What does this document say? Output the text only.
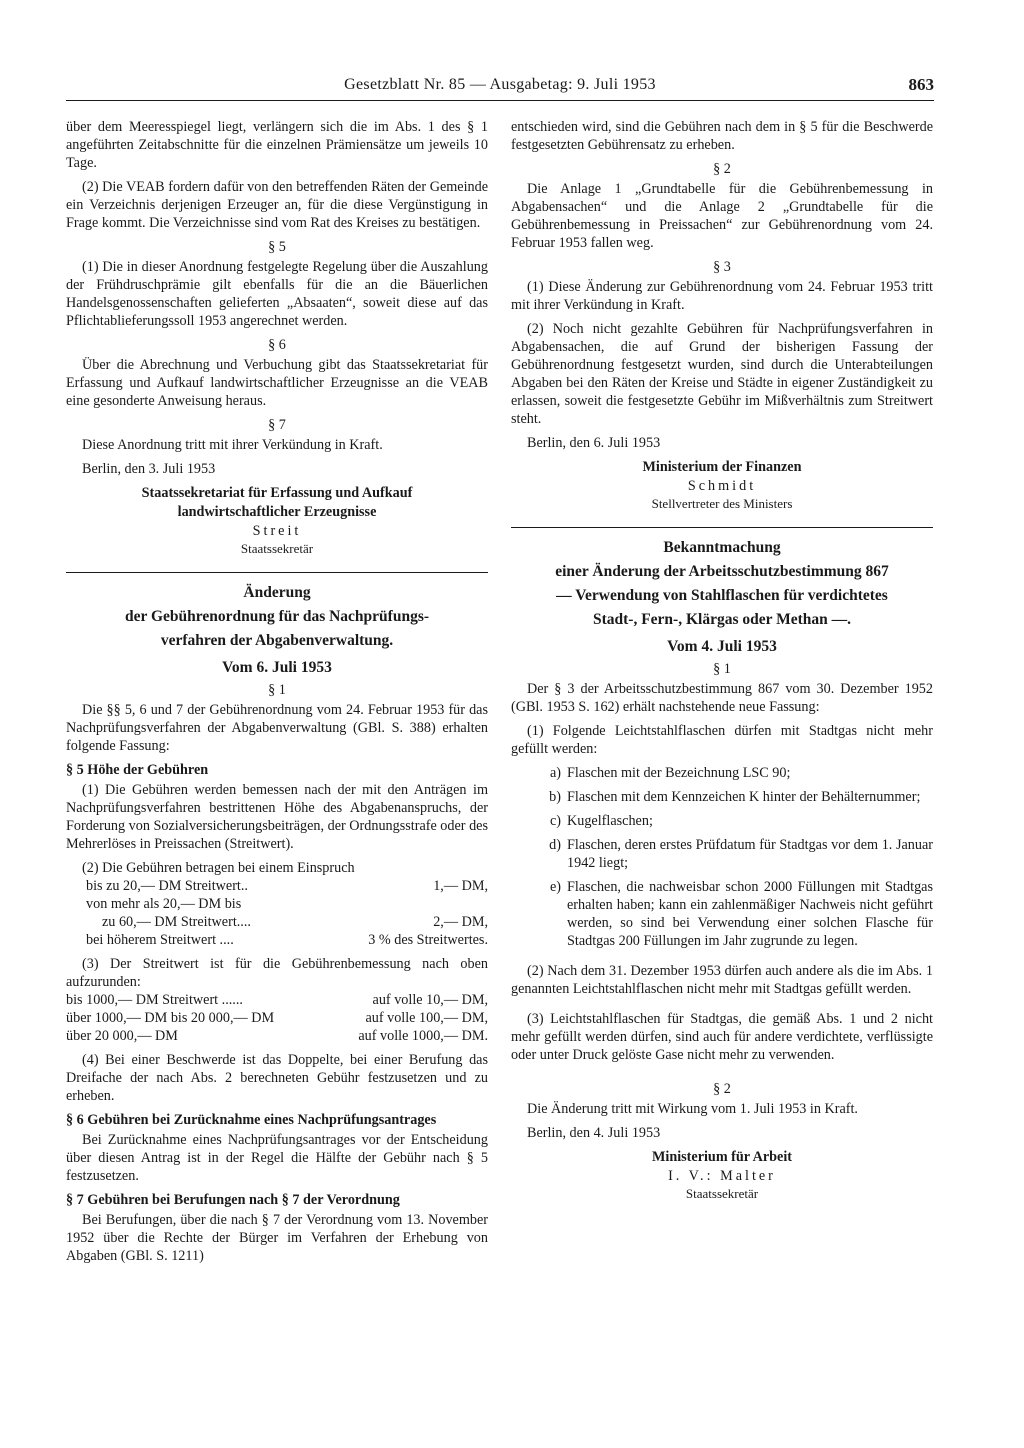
Gesetzblatt Nr. 85 — Ausgabetag: 9. Juli 1953	863

über dem Meeresspiegel liegt, verlängern sich die im Abs. 1 des § 1 angeführten Zeitabschnitte für die einzelnen Prämiensätze um jeweils 10 Tage.

(2) Die VEAB fordern dafür von den betreffenden Räten der Gemeinde ein Verzeichnis derjenigen Erzeuger an, für die diese Vergünstigung in Frage kommt. Die Verzeichnisse sind vom Rat des Kreises zu bestätigen.

§ 5

(1) Die in dieser Anordnung festgelegte Regelung über die Auszahlung der Frühdruschprämie gilt ebenfalls für die an die Bäuerlichen Handelsgenossenschaften gelieferten „Absaaten“, soweit diese auf das Pflichtablieferungssoll 1953 angerechnet werden.

§ 6

Über die Abrechnung und Verbuchung gibt das Staatssekretariat für Erfassung und Aufkauf landwirtschaftlicher Erzeugnisse an die VEAB eine gesonderte Anweisung heraus.

§ 7

Diese Anordnung tritt mit ihrer Verkündung in Kraft.

Berlin, den 3. Juli 1953

Staatssekretariat für Erfassung und Aufkauf
landwirtschaftlicher Erzeugnisse
Streit
Staatssekretär
Änderung
der Gebührenordnung für das Nachprüfungs-
verfahren der Abgabenverwaltung.
Vom 6. Juli 1953
§ 1

Die §§ 5, 6 und 7 der Gebührenordnung vom 24. Februar 1953 für das Nachprüfungsverfahren der Abgabenverwaltung (GBl. S. 388) erhalten folgende Fassung:

§ 5 Höhe der Gebühren

(1) Die Gebühren werden bemessen nach der mit den Anträgen im Nachprüfungsverfahren bestrittenen Höhe des Abgabenanspruchs, der Forderung von Sozialversicherungsbeiträgen, der Ordnungsstrafe oder des Mehrerlöses in Preissachen (Streitwert).

(2) Die Gebühren betragen bei einem Einspruch
bis zu 20,— DM Streitwert..	1,— DM,
von mehr als 20,— DM bis
zu 60,— DM Streitwert....	2,— DM,
bei höherem Streitwert ....	3 % des Streitwertes.

(3) Der Streitwert ist für die Gebührenbemessung nach oben aufzurunden:

bis 1000,— DM Streitwert ......	auf volle 10,— DM,
über 1000,— DM bis 20 000,— DM	auf volle 100,— DM,
über 20 000,— DM	auf volle 1000,— DM.

(4) Bei einer Beschwerde ist das Doppelte, bei einer Berufung das Dreifache der nach Abs. 2 berechneten Gebühr festzusetzen und zu erheben.

§ 6 Gebühren bei Zurücknahme eines Nachprüfungsantrages

Bei Zurücknahme eines Nachprüfungsantrages vor der Entscheidung über diesen Antrag ist in der Regel die Hälfte der Gebühr nach § 5 festzusetzen.

§ 7 Gebühren bei Berufungen nach § 7 der Verordnung

Bei Berufungen, über die nach § 7 der Verordnung vom 13. November 1952 über die Rechte der Bürger im Verfahren der Erhebung von Abgaben (GBl. S. 1211)

entschieden wird, sind die Gebühren nach dem in § 5 für die Beschwerde festgesetzten Gebührensatz zu erheben.

§ 2

Die Anlage 1 „Grundtabelle für die Gebührenbemessung in Abgabensachen“ und die Anlage 2 „Grundtabelle für die Gebührenbemessung in Preissachen“ zur Gebührenordnung vom 24. Februar 1953 fallen weg.

§ 3

(1) Diese Änderung zur Gebührenordnung vom 24. Februar 1953 tritt mit ihrer Verkündung in Kraft.

(2) Noch nicht gezahlte Gebühren für Nachprüfungsverfahren in Abgabensachen, die auf Grund der bisherigen Fassung der Gebührenordnung festgesetzt wurden, sind durch die Unterabteilungen Abgaben bei den Räten der Kreise und Städte in eigener Zuständigkeit zu erlassen, soweit die festgesetzte Gebühr im Mißverhältnis zum Streitwert steht.

Berlin, den 6. Juli 1953

Ministerium der Finanzen
Schmidt
Stellvertreter des Ministers
Bekanntmachung
einer Änderung der Arbeitsschutzbestimmung 867
— Verwendung von Stahlflaschen für verdichtetes
Stadt-, Fern-, Klärgas oder Methan —.
Vom 4. Juli 1953
§ 1

Der § 3 der Arbeitsschutzbestimmung 867 vom 30. Dezember 1952 (GBl. 1953 S. 162) erhält nachstehende neue Fassung:

(1) Folgende Leichtstahlflaschen dürfen mit Stadtgas nicht mehr gefüllt werden:

a) Flaschen mit der Bezeichnung LSC 90;
b) Flaschen mit dem Kennzeichen K hinter der Behälternummer;
c) Kugelflaschen;
d) Flaschen, deren erstes Prüfdatum für Stadtgas vor dem 1. Januar 1942 liegt;
e) Flaschen, die nachweisbar schon 2000 Füllungen mit Stadtgas erhalten haben; kann ein zahlenmäßiger Nachweis nicht geführt werden, so sind bei Verwendung einer solchen Flasche für Stadtgas 200 Füllungen im Jahr zugrunde zu legen.

(2) Nach dem 31. Dezember 1953 dürfen auch andere als die im Abs. 1 genannten Leichtstahlflaschen nicht mehr mit Stadtgas gefüllt werden.

(3) Leichtstahlflaschen für Stadtgas, die gemäß Abs. 1 und 2 nicht mehr gefüllt werden dürfen, sind auch für andere verdichtete, verflüssigte oder unter Druck gelöste Gase nicht mehr zu verwenden.

§ 2

Die Änderung tritt mit Wirkung vom 1. Juli 1953 in Kraft.

Berlin, den 4. Juli 1953

Ministerium für Arbeit
I. V.: Malter
Staatssekretär
